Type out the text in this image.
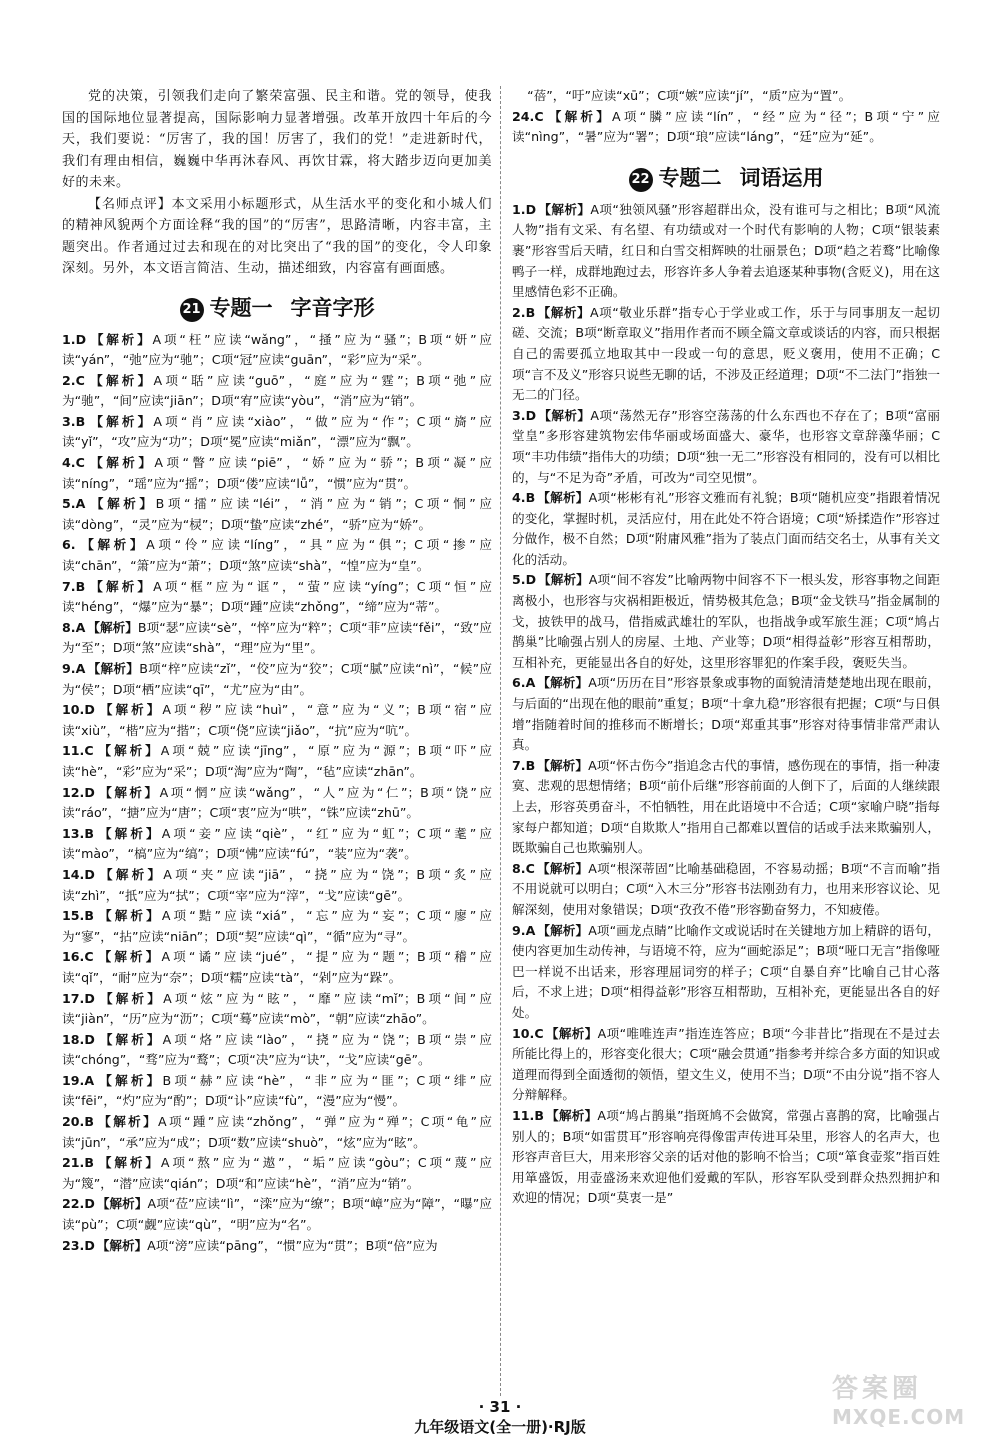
党的决策，引领我们走向了繁荣富强、民主和谐。党的领导，使我国的国际地位显著提高，国际影响力显著增强。改革开放四十年后的今天，我们要说：“厉害了，我的国！厉害了，我们的党！”走进新时代，我们有理由相信，巍巍中华再沐春风、再饮甘霖，将大踏步迈向更加美好的未来。

【名师点评】本文采用小标题形式，从生活水平的变化和小城人们的精神风貌两个方面诠释“我的国”的“厉害”，思路清晰，内容丰富，主题突出。作者通过过去和现在的对比突出了“我的国”的变化，令人印象深刻。另外，本文语言简洁、生动，描述细致，内容富有画面感。

21 专题一 字音字形

1.D 【解析】A项“枉”应读“wǎng”，“掻”应为“骚”；B项“妍”应读“yán”，“弛”应为“驰”；C项“冠”应读“guān”，“彩”应为“采”。

2.C 【解析】A项“聒”应读“guō”，“庭”应为“霆”；B项“弛”应为“驰”，“间”应读“jiān”；D项“宥”应读“yòu”，“消”应为“销”。

3.B 【解析】A项“肖”应读“xiào”，“做”应为“作”；C项“旖”应读“yǐ”，“攻”应为“功”；D项“冕”应读“miǎn”，“漂”应为“飘”。

4.C 【解析】A项“瞥”应读“piē”，“娇”应为“骄”；B项“凝”应读“níng”，“瑶”应为“摇”；D项“偻”应读“lǚ”，“惯”应为“贯”。

5.A 【解析】B项“擂”应读“léi”，“消”应为“销”；C项“恫”应读“dòng”，“灵”应为“棂”；D项“蛰”应读“zhé”，“骄”应为“娇”。

6. 【解析】A项“伶”应读“líng”，“具”应为“俱”；C项“掺”应读“chān”，“箫”应为“萧”；D项“煞”应读“shà”，“惶”应为“皇”。

7.B 【解析】A项“框”应为“诓”，“萤”应读“yíng”；C项“恒”应读“héng”，“爆”应为“暴”；D项“踵”应读“zhǒng”，“缔”应为“蒂”。

8.A 【解析】B项“瑟”应读“sè”，“悴”应为“粹”；C项“菲”应读“fěi”，“致”应为“至”；D项“煞”应读“shà”，“理”应为“里”。

9.A 【解析】B项“梓”应读“zǐ”，“佼”应为“狡”；C项“腻”应读“nì”，“候”应为“侯”；D项“栖”应读“qī”，“尤”应为“由”。

10.D 【解析】A项“秽”应读“huì”，“意”应为“义”；B项“宿”应读“xiù”，“楷”应为“揩”；C项“侥”应读“jiǎo”，“抗”应为“吭”。

11.C 【解析】A项“兢”应读“jīng”，“原”应为“源”；B项“吓”应读“hè”，“彩”应为“采”；D项“淘”应为“陶”，“毡”应读“zhān”。

12.D 【解析】A项“惘”应读“wǎng”，“人”应为“仁”；B项“饶”应读“ráo”，“搪”应为“唐”；C项“衷”应为“哄”，“铢”应读“zhū”。

13.B 【解析】A项“妾”应读“qiè”，“红”应为“虹”；C项“耄”应读“mào”，“槁”应为“缟”；D项“怫”应读“fú”，“装”应为“袭”。

14.D 【解析】A项“夹”应读“jiā”，“挠”应为“饶”；B项“炙”应读“zhì”，“扺”应为“拭”；C项“宰”应为“滓”，“戈”应读“gē”。

15.B 【解析】A项“黠”应读“xiá”，“忘”应为“妄”；C项“廖”应为“寥”，“拈”应读“niān”；D项“契”应读“qì”，“循”应为“寻”。

16.C 【解析】A项“谲”应读“jué”，“提”应为“题”；B项“稽”应读“qǐ”，“耐”应为“奈”；D项“糯”应读“tà”，“剁”应为“跺”。

17.D 【解析】A项“炫”应为“眩”，“靡”应读“mǐ”；B项“间”应读“jiàn”，“历”应为“沥”；C项“蓦”应读“mò”，“朝”应读“zhāo”。

18.D 【解析】A项“烙”应读“lào”，“挠”应为“饶”；B项“崇”应读“chóng”，“骛”应为“鹜”；C项“决”应为“诀”，“戈”应读“gē”。

19.A 【解析】B项“赫”应读“hè”，“非”应为“匪”；C项“绯”应读“fēi”，“灼”应为“酌”；D项“讣”应读“fù”，“漫”应为“慢”。

20.B 【解析】A项“踵”应读“zhǒng”，“弹”应为“殚”；C项“龟”应读“jūn”，“承”应为“成”；D项“数”应读“shuò”，“炫”应为“眩”。

21.B 【解析】A项“熬”应为“遨”，“垢”应读“gòu”；C项“蔑”应为“篾”，“潜”应读“qián”；D项“和”应读“hè”，“消”应为“销”。

22.D 【解析】A项“莅”应读“lì”，“滦”应为“缭”；B项“嶂”应为“障”，“曝”应读“pù”；C项“觑”应读“qù”，“明”应为“名”。

23.D 【解析】A项“滂”应读“pāng”，“惯”应为“贯”；B项“倍”应为

“蓓”，“吁”应读“xū”；C项“嫉”应读“jí”，“质”应为“置”。

24.C 【解析】A项“膦”应读“lín”，“经”应为“径”；B项“宁”应读“nìng”，“暑”应为“署”；D项“琅”应读“láng”，“廷”应为“延”。

22 专题二 词语运用

1.D 【解析】A项“独领风骚”形容超群出众，没有谁可与之相比；B项“风流人物”指有文采、有名望、有功绩或对一个时代有影响的人物；C项“银装素裹”形容雪后天晴，红日和白雪交相辉映的壮丽景色；D项“趋之若鹜”比喻像鸭子一样，成群地跑过去，形容许多人争着去追逐某种事物(含贬义)，用在这里感情色彩不正确。

2.B 【解析】A项“敬业乐群”指专心于学业或工作，乐于与同事朋友一起切磋、交流；B项“断章取义”指用作者而不顾全篇文章或谈话的内容，而只根据自己的需要孤立地取其中一段或一句的意思，贬义褒用，使用不正确；C项“言不及义”形容只说些无聊的话，不涉及正经道理；D项“不二法门”指独一无二的门径。

3.D 【解析】A项“荡然无存”形容空荡荡的什么东西也不存在了；B项“富丽堂皇”多形容建筑物宏伟华丽或场面盛大、豪华，也形容文章辞藻华丽；C项“丰功伟绩”指伟大的功绩；D项“独一无二”形容没有相同的，没有可以相比的，与“不足为奇”矛盾，可改为“司空见惯”。

4.B 【解析】A项“彬彬有礼”形容文雅而有礼貌；B项“随机应变”指跟着情况的变化，掌握时机，灵活应付，用在此处不符合语境；C项“矫揉造作”形容过分做作，极不自然；D项“附庸风雅”指为了装点门面而结交名士，从事有关文化的活动。

5.D 【解析】A项“间不容发”比喻两物中间容不下一根头发，形容事物之间距离极小，也形容与灾祸相距极近，情势极其危急；B项“金戈铁马”指金属制的戈，披铁甲的战马，借指威武雄壮的军队，也指战争或军旅生涯；C项“鸠占鹊巢”比喻强占别人的房屋、土地、产业等；D项“相得益彰”形容互相帮助，互相补充，更能显出各自的好处，这里形容罪犯的作案手段，褒贬失当。

6.A 【解析】A项“历历在目”形容景象或事物的面貌清清楚楚地出现在眼前，与后面的“出现在他的眼前”重复；B项“十拿九稳”形容很有把握；C项“与日俱增”指随着时间的推移而不断增长；D项“郑重其事”形容对待事情非常严肃认真。

7.B 【解析】A项“怀古伤今”指追念古代的事情，感伤现在的事情，指一种凄寞、悲观的思想情绪；B项“前仆后继”形容前面的人倒下了，后面的人继续跟上去，形容英勇奋斗，不怕牺牲，用在此语境中不合适；C项“家喻户晓”指每家每户都知道；D项“自欺欺人”指用自己都难以置信的话或手法来欺骗别人，既欺骗自己也欺骗别人。

8.C 【解析】A项“根深蒂固”比喻基础稳固，不容易动摇；B项“不言而喻”指不用说就可以明白；C项“入木三分”形容书法刚劲有力，也用来形容议论、见解深刻，使用对象错误；D项“孜孜不倦”形容勤奋努力，不知疲倦。

9.A 【解析】A项“画龙点睛”比喻作文或说话时在关键地方加上精辟的语句，使内容更加生动传神，与语境不符，应为“画蛇添足”；B项“哑口无言”指像哑巴一样说不出话来，形容理屈词穷的样子；C项“自暴自弃”比喻自己甘心落后，不求上进；D项“相得益彰”形容互相帮助，互相补充，更能显出各自的好处。

10.C 【解析】A项“唯唯连声”指连连答应；B项“今非昔比”指现在不是过去所能比得上的，形容变化很大；C项“融会贯通”指参考并综合多方面的知识或道理而得到全面透彻的领悟，望文生义，使用不当；D项“不由分说”指不容人分辩解释。

11.B 【解析】A项“鸠占鹊巢”指斑鸠不会做窝，常强占喜鹊的窝，比喻强占别人的；B项“如雷贯耳”形容响亮得像雷声传进耳朵里，形容人的名声大，也形容声音巨大，用来形容父亲的话对他的影响不恰当；C项“箪食壶浆”指百姓用箪盛饭，用壶盛汤来欢迎他们爱戴的军队，形容军队受到群众热烈拥护和欢迎的情况；D项“莫衷一是”

· 31 ·
九年级语文(全一册)·RJ版
答案圈
MXQE.COM
